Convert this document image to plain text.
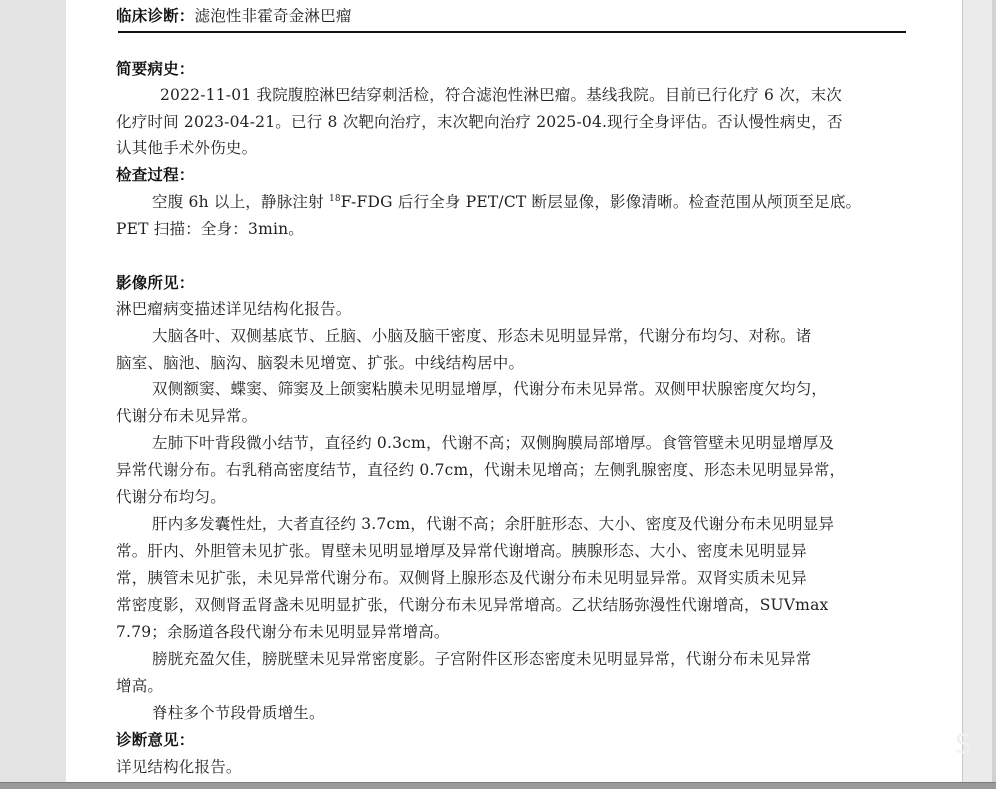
临床诊断：滤泡性非霍奇金淋巴瘤
简要病史：
2022-11-01 我院腹腔淋巴结穿刺活检，符合滤泡性淋巴瘤。基线我院。目前已行化疗 6 次，末次
化疗时间 2023-04-21。已行 8 次靶向治疗，末次靶向治疗 2025-04.现行全身评估。否认慢性病史，否
认其他手术外伤史。
检查过程：
空腹 6h 以上，静脉注射 $^{18}$F-FDG 后行全身 PET/CT 断层显像，影像清晰。检查范围从颅顶至足底。
PET 扫描：全身：3min。
影像所见：
淋巴瘤病变描述详见结构化报告。
大脑各叶、双侧基底节、丘脑、小脑及脑干密度、形态未见明显异常，代谢分布均匀、对称。诸
脑室、脑池、脑沟、脑裂未见增宽、扩张。中线结构居中。
双侧额窦、蝶窦、筛窦及上颌窦粘膜未见明显增厚，代谢分布未见异常。双侧甲状腺密度欠均匀，
代谢分布未见异常。
左肺下叶背段微小结节，直径约 0.3cm，代谢不高；双侧胸膜局部增厚。食管管壁未见明显增厚及
异常代谢分布。右乳稍高密度结节，直径约 0.7cm，代谢未见增高；左侧乳腺密度、形态未见明显异常，
代谢分布均匀。
肝内多发囊性灶，大者直径约 3.7cm，代谢不高；余肝脏形态、大小、密度及代谢分布未见明显异
常。肝内、外胆管未见扩张。胃壁未见明显增厚及异常代谢增高。胰腺形态、大小、密度未见明显异
常，胰管未见扩张，未见异常代谢分布。双侧肾上腺形态及代谢分布未见明显异常。双肾实质未见异
常密度影，双侧肾盂肾盏未见明显扩张，代谢分布未见异常增高。乙状结肠弥漫性代谢增高，SUVmax
7.79；余肠道各段代谢分布未见明显异常增高。
膀胱充盈欠佳，膀胱壁未见异常密度影。子宫附件区形态密度未见明显异常，代谢分布未见异常
增高。
脊柱多个节段骨质增生。
诊断意见：
详见结构化报告。
S
